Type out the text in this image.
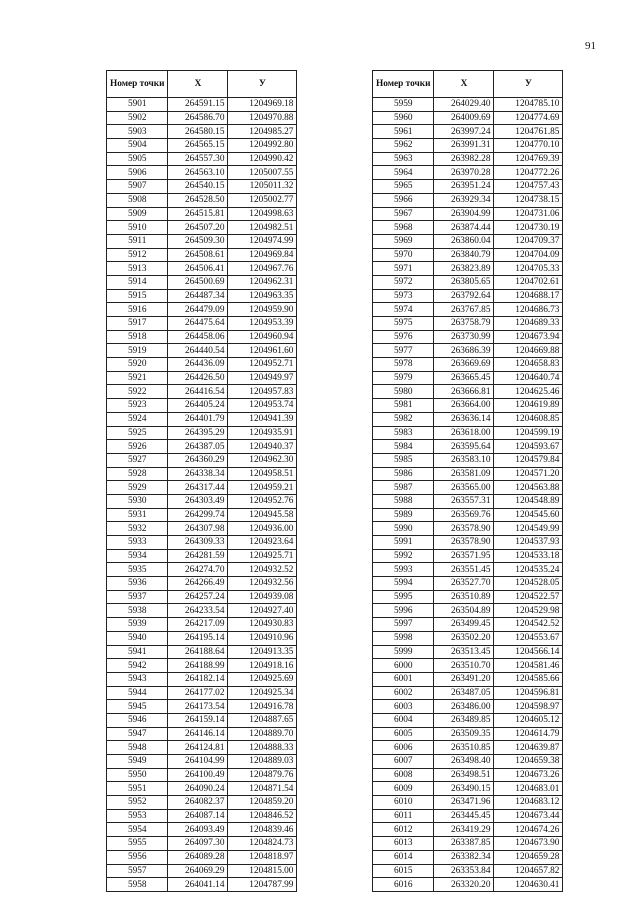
91
Номер точки	Х	У
5901	264591.15	1204969.18
5902	264586.70	1204970.88
5903	264580.15	1204985.27
5904	264565.15	1204992.80
5905	264557.30	1204990.42
5906	264563.10	1205007.55
5907	264540.15	1205011.32
5908	264528.50	1205002.77
5909	264515.81	1204998.63
5910	264507.20	1204982.51
5911	264509.30	1204974.99
5912	264508.61	1204969.84
5913	264506.41	1204967.76
5914	264500.69	1204962.31
5915	264487.34	1204963.35
5916	264479.09	1204959.90
5917	264475.64	1204953.39
5918	264458.06	1204960.94
5919	264440.54	1204961.60
5920	264436.09	1204952.71
5921	264426.50	1204949.97
5922	264416.54	1204957.83
5923	264405.24	1204953.74
5924	264401.79	1204941.39
5925	264395.29	1204935.91
5926	264387.05	1204940.37
5927	264360.29	1204962.30
5928	264338.34	1204958.51
5929	264317.44	1204959.21
5930	264303.49	1204952.76
5931	264299.74	1204945.58
5932	264307.98	1204936.00
5933	264309.33	1204923.64
5934	264281.59	1204925.71
5935	264274.70	1204932.52
5936	264266.49	1204932.56
5937	264257.24	1204939.08
5938	264233.54	1204927.40
5939	264217.09	1204930.83
5940	264195.14	1204910.96
5941	264188.64	1204913.35
5942	264188.99	1204918.16
5943	264182.14	1204925.69
5944	264177.02	1204925.34
5945	264173.54	1204916.78
5946	264159.14	1204887.65
5947	264146.14	1204889.70
5948	264124.81	1204888.33
5949	264104.99	1204889.03
5950	264100.49	1204879.76
5951	264090.24	1204871.54
5952	264082.37	1204859.20
5953	264087.14	1204846.52
5954	264093.49	1204839.46
5955	264097.30	1204824.73
5956	264089.28	1204818.97
5957	264069.29	1204815.00
5958	264041.14	1204787.99
Номер точки	Х	У
5959	264029.40	1204785.10
5960	264009.69	1204774.69
5961	263997.24	1204761.85
5962	263991.31	1204770.10
5963	263982.28	1204769.39
5964	263970.28	1204772.26
5965	263951.24	1204757.43
5966	263929.34	1204738.15
5967	263904.99	1204731.06
5968	263874.44	1204730.19
5969	263860.04	1204709.37
5970	263840.79	1204704.09
5971	263823.89	1204705.33
5972	263805.65	1204702.61
5973	263792.64	1204688.17
5974	263767.85	1204686.73
5975	263758.79	1204689.33
5976	263730.99	1204673.94
5977	263686.39	1204669.88
5978	263669.69	1204658.83
5979	263665.45	1204640.74
5980	263666.81	1204625.46
5981	263664.00	1204619.89
5982	263636.14	1204608.85
5983	263618.00	1204599.19
5984	263595.64	1204593.67
5985	263583.10	1204579.84
5986	263581.09	1204571.20
5987	263565.00	1204563.88
5988	263557.31	1204548.89
5989	263569.76	1204545.60
5990	263578.90	1204549.99
5991	263578.90	1204537.93
5992	263571.95	1204533.18
5993	263551.45	1204535.24
5994	263527.70	1204528.05
5995	263510.89	1204522.57
5996	263504.89	1204529.98
5997	263499.45	1204542.52
5998	263502.20	1204553.67
5999	263513.45	1204566.14
6000	263510.70	1204581.46
6001	263491.20	1204585.66
6002	263487.05	1204596.81
6003	263486.00	1204598.97
6004	263489.85	1204605.12
6005	263509.35	1204614.79
6006	263510.85	1204639.87
6007	263498.40	1204659.38
6008	263498.51	1204673.26
6009	263490.15	1204683.01
6010	263471.96	1204683.12
6011	263445.45	1204673.44
6012	263419.29	1204674.26
6013	263387.85	1204673.90
6014	263382.34	1204659.28
6015	263353.84	1204657.82
6016	263320.20	1204630.41
